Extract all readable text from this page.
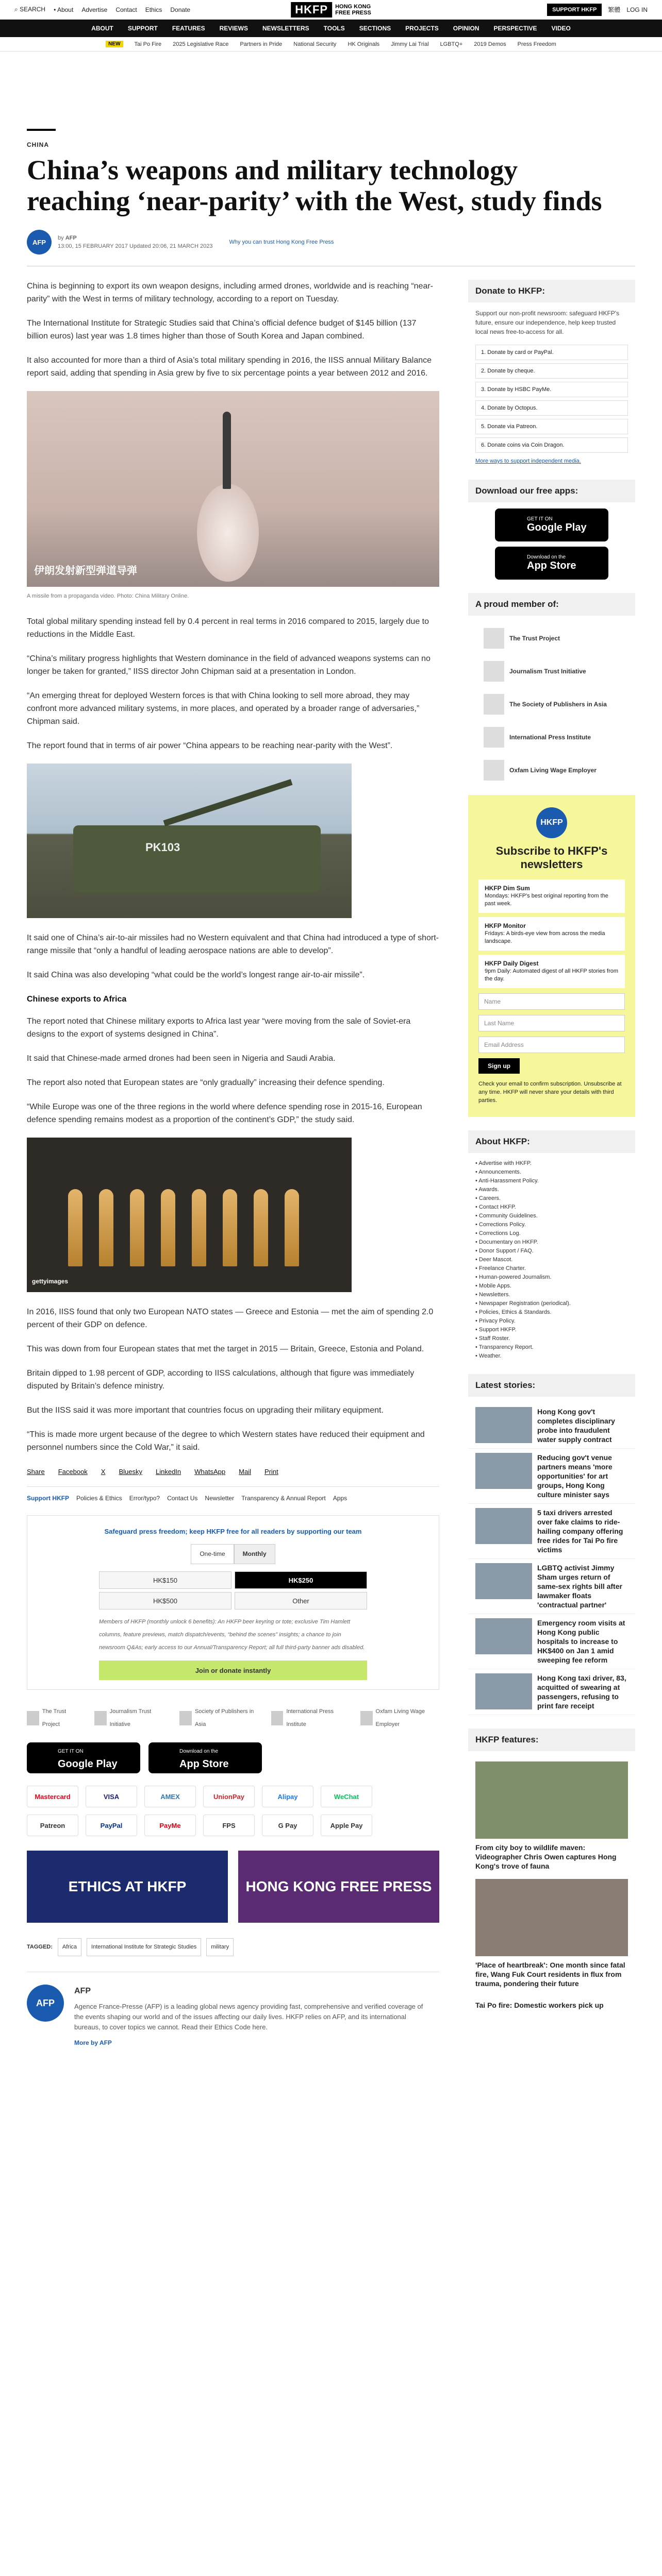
⌕ SEARCH • About Advertise Contact Ethics Donate	HKFP	HONG KONG
FREE PRESS
SUPPORT HKFP	繁體 LOG IN
ABOUT SUPPORT FEATURES REVIEWS NEWSLETTERS TOOLS SECTIONS PROJECTS OPINION PERSPECTIVE VIDEO
NEW	Tai Po Fire 2025 Legislative Race Partners in Pride National Security HK Originals Jimmy Lai Trial LGBTQ+ 2019 Demos Press Freedom
CHINA
China’s weapons and military technology reaching ‘near-parity’ with the West, study finds
AFP
by AFP
13:00, 15 FEBRUARY 2017 Updated 20:06, 21 MARCH 2023
Why you can trust Hong Kong Free Press

China is beginning to export its own weapon designs, including armed drones, worldwide and is reaching “near-parity” with the West in terms of military technology, according to a report on Tuesday.

The International Institute for Strategic Studies said that China’s official defence budget of $145 billion (137 billion euros) last year was 1.8 times higher than those of South Korea and Japan combined.

It also accounted for more than a third of Asia’s total military spending in 2016, the IISS annual Military Balance report said, adding that spending in Asia grew by five to six percentage points a year between 2012 and 2016.

伊朗发射新型弹道导弹
A missile from a propaganda video. Photo: China Military Online.

Total global military spending instead fell by 0.4 percent in real terms in 2016 compared to 2015, largely due to reductions in the Middle East.

“China’s military progress highlights that Western dominance in the field of advanced weapons systems can no longer be taken for granted,” IISS director John Chipman said at a presentation in London.

“An emerging threat for deployed Western forces is that with China looking to sell more abroad, they may confront more advanced military systems, in more places, and operated by a broader range of adversaries,” Chipman said.

The report found that in terms of air power “China appears to be reaching near-parity with the West”.

PK103

It said one of China’s air-to-air missiles had no Western equivalent and that China had introduced a type of short-range missile that “only a handful of leading aerospace nations are able to develop”.

It said China was also developing “what could be the world’s longest range air-to-air missile”.

Chinese exports to Africa

The report noted that Chinese military exports to Africa last year “were moving from the sale of Soviet-era designs to the export of systems designed in China”.

It said that Chinese-made armed drones had been seen in Nigeria and Saudi Arabia.

The report also noted that European states are “only gradually” increasing their defence spending.

“While Europe was one of the three regions in the world where defence spending rose in 2015-16, European defence spending remains modest as a proportion of the continent’s GDP,” the study said.

gettyimages

In 2016, IISS found that only two European NATO states — Greece and Estonia — met the aim of spending 2.0 percent of their GDP on defence.

This was down from four European states that met the target in 2015 — Britain, Greece, Estonia and Poland.

Britain dipped to 1.98 percent of GDP, according to IISS calculations, although that figure was immediately disputed by Britain’s defence ministry.

But the IISS said it was more important that countries focus on upgrading their military equipment.

“This is made more urgent because of the degree to which Western states have reduced their equipment and personnel numbers since the Cold War,” it said.

Share Facebook X Bluesky LinkedIn WhatsApp Mail Print
Support HKFP Policies & Ethics Error/typo? Contact Us Newsletter Transparency & Annual Report Apps
Safeguard press freedom; keep HKFP free for all readers by supporting our team
One-time	Monthly
HK$150	HK$250
HK$500	Other
Members of HKFP (monthly unlock 6 benefits): An HKFP beer keyring or tote; exclusive Tim Hamlett columns, feature previews, match dispatch/events, “behind the scenes” insights; a chance to join newsroom Q&As; early access to our Annual/Transparency Report; all full third-party banner ads disabled.
Join or donate instantly
The Trust Project
Journalism Trust Initiative
Society of Publishers in Asia
International Press Institute
Oxfam Living Wage Employer
GET IT ON
Google Play
Download on the
App Store
Mastercard	VISA	AMEX	UnionPay	Alipay	WeChat
Patreon	PayPal	PayMe	FPS	G Pay	Apple Pay
ETHICS AT HKFP	HONG KONG FREE PRESS
TAGGED:	Africa	International Institute for Strategic Studies	military
AFP
AFP
Agence France-Presse (AFP) is a leading global news agency providing fast, comprehensive and verified coverage of the events shaping our world and of the issues affecting our daily lives. HKFP relies on AFP, and its international bureaus, to cover topics we cannot. Read their Ethics Code here.
More by AFP
Donate to HKFP:
Support our non-profit newsroom: safeguard HKFP's future, ensure our independence, help keep trusted local news free-to-access for all.
1. Donate by card or PayPal.
2. Donate by cheque.
3. Donate by HSBC PayMe.
4. Donate by Octopus.
5. Donate via Patreon.
6. Donate coins via Coin Dragon.
More ways to support independent media.
Download our free apps:
GET IT ON
Google Play
Download on the
App Store
A proud member of:
The Trust Project
Journalism Trust Initiative
The Society of Publishers in Asia
International Press Institute
Oxfam Living Wage Employer
HKFP
Subscribe to HKFP's newsletters
HKFP Dim Sum
Mondays: HKFP's best original reporting from the past week.
HKFP Monitor
Fridays: A birds-eye view from across the media landscape.
HKFP Daily Digest
9pm Daily: Automated digest of all HKFP stories from the day.
Name
Last Name
Email Address
Sign up
Check your email to confirm subscription. Unsubscribe at any time. HKFP will never share your details with third parties.
About HKFP:
• Advertise with HKFP.
• Announcements.
• Anti-Harassment Policy.
• Awards.
• Careers.
• Contact HKFP.
• Community Guidelines.
• Corrections Policy.
• Corrections Log.
• Documentary on HKFP.
• Donor Support / FAQ.
• Deer Mascot.
• Freelance Charter.
• Human-powered Journalism.
• Mobile Apps.
• Newsletters.
• Newspaper Registration (periodical).
• Policies, Ethics & Standards.
• Privacy Policy.
• Support HKFP.
• Staff Roster.
• Transparency Report.
• Weather.
Latest stories:
Hong Kong gov't completes disciplinary probe into fraudulent water supply contract
Reducing gov't venue partners means 'more opportunities' for art groups, Hong Kong culture minister says
5 taxi drivers arrested over fake claims to ride-hailing company offering free rides for Tai Po fire victims
LGBTQ activist Jimmy Sham urges return of same-sex rights bill after lawmaker floats 'contractual partner'
Emergency room visits at Hong Kong public hospitals to increase to HK$400 on Jan 1 amid sweeping fee reform
Hong Kong taxi driver, 83, acquitted of swearing at passengers, refusing to print fare receipt
HKFP features:
From city boy to wildlife maven: Videographer Chris Owen captures Hong Kong's trove of fauna
'Place of heartbreak': One month since fatal fire, Wang Fuk Court residents in flux from trauma, pondering their future
Tai Po fire: Domestic workers pick up
